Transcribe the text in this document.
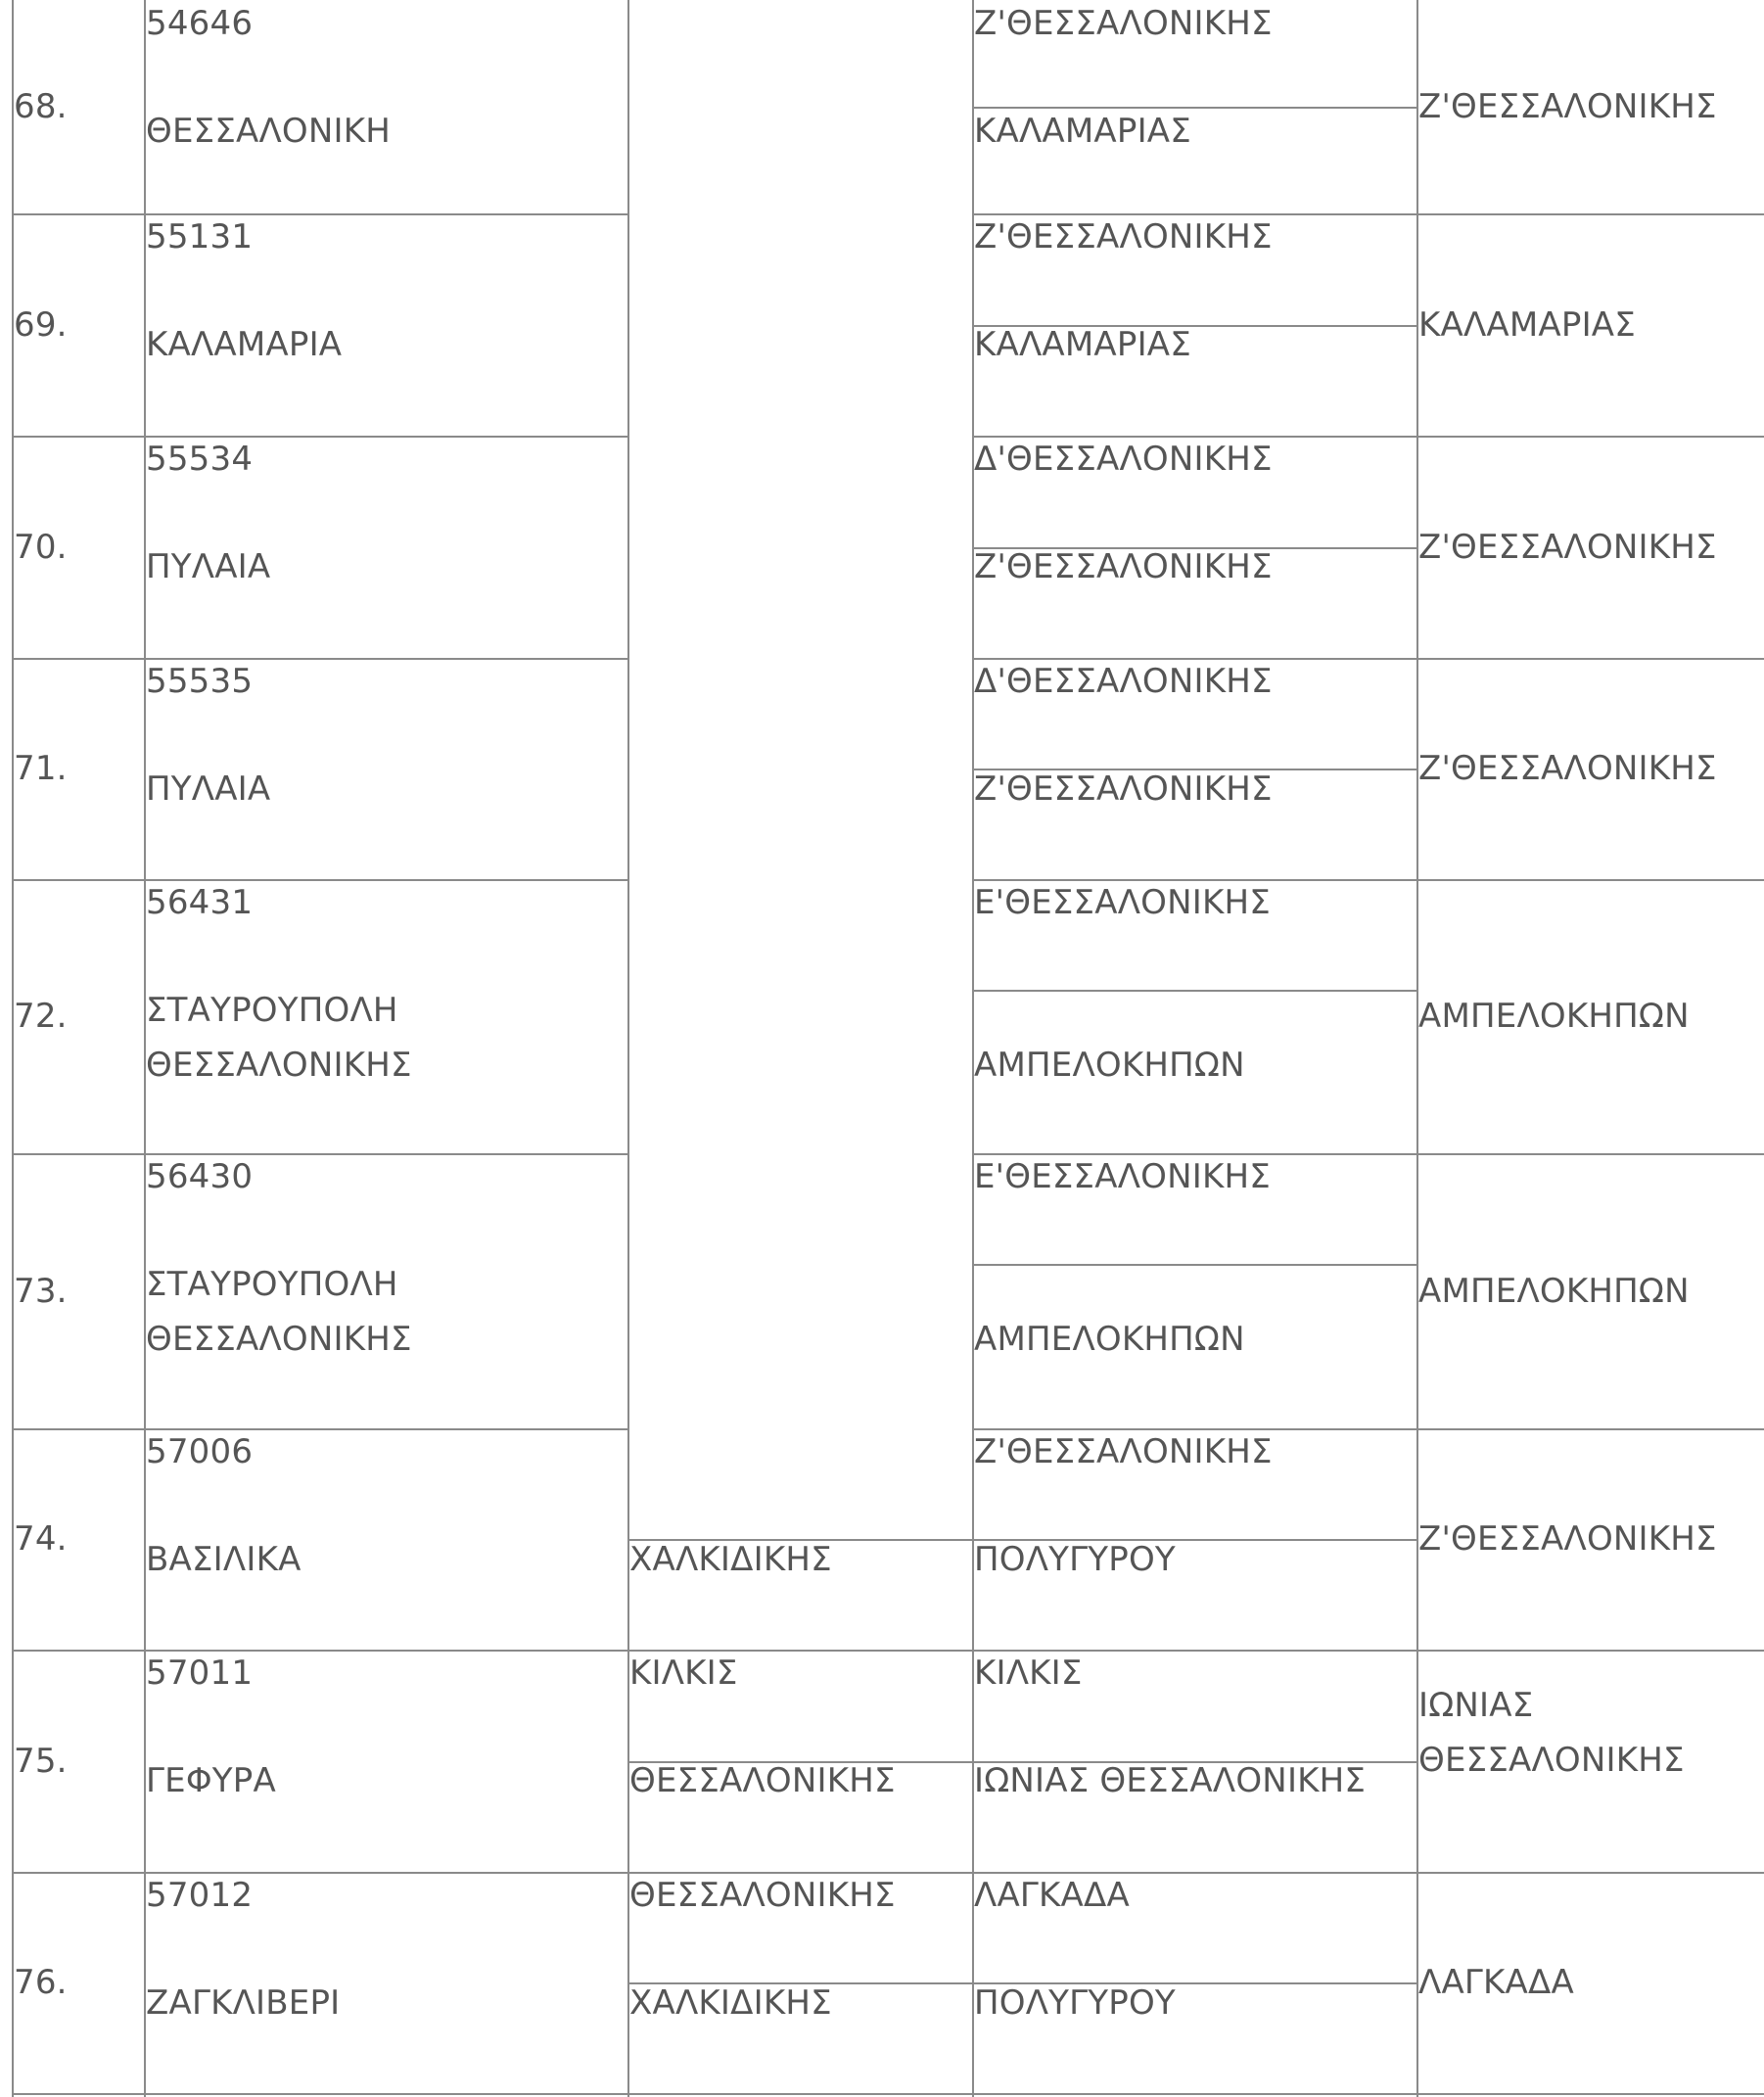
68.
54646
ΘΕΣΣΑΛΟΝΙΚΗ
Ζ'ΘΕΣΣΑΛΟΝΙΚΗΣ
ΚΑΛΑΜΑΡΙΑΣ
Ζ'ΘΕΣΣΑΛΟΝΙΚΗΣ
69.
55131
ΚΑΛΑΜΑΡΙΑ
Ζ'ΘΕΣΣΑΛΟΝΙΚΗΣ
ΚΑΛΑΜΑΡΙΑΣ
ΚΑΛΑΜΑΡΙΑΣ
70.
55534
ΠΥΛΑΙΑ
Δ'ΘΕΣΣΑΛΟΝΙΚΗΣ
Ζ'ΘΕΣΣΑΛΟΝΙΚΗΣ
Ζ'ΘΕΣΣΑΛΟΝΙΚΗΣ
71.
55535
ΠΥΛΑΙΑ
Δ'ΘΕΣΣΑΛΟΝΙΚΗΣ
Ζ'ΘΕΣΣΑΛΟΝΙΚΗΣ
Ζ'ΘΕΣΣΑΛΟΝΙΚΗΣ
72.
56431
ΣΤΑΥΡΟΥΠΟΛΗ
ΘΕΣΣΑΛΟΝΙΚΗΣ
Ε'ΘΕΣΣΑΛΟΝΙΚΗΣ
ΑΜΠΕΛΟΚΗΠΩΝ
ΑΜΠΕΛΟΚΗΠΩΝ
73.
56430
ΣΤΑΥΡΟΥΠΟΛΗ
ΘΕΣΣΑΛΟΝΙΚΗΣ
Ε'ΘΕΣΣΑΛΟΝΙΚΗΣ
ΑΜΠΕΛΟΚΗΠΩΝ
ΑΜΠΕΛΟΚΗΠΩΝ
74.
57006
ΒΑΣΙΛΙΚΑ	ΧΑΛΚΙΔΙΚΗΣ
Ζ'ΘΕΣΣΑΛΟΝΙΚΗΣ
ΠΟΛΥΓΥΡΟΥ
Ζ'ΘΕΣΣΑΛΟΝΙΚΗΣ
75.
57011
ΓΕΦΥΡΑ
ΚΙΛΚΙΣ
ΘΕΣΣΑΛΟΝΙΚΗΣ
ΚΙΛΚΙΣ
ΙΩΝΙΑΣ ΘΕΣΣΑΛΟΝΙΚΗΣ
ΙΩΝΙΑΣ
ΘΕΣΣΑΛΟΝΙΚΗΣ
76.
57012
ΖΑΓΚΛΙΒΕΡΙ
ΘΕΣΣΑΛΟΝΙΚΗΣ
ΧΑΛΚΙΔΙΚΗΣ
ΛΑΓΚΑΔΑ
ΠΟΛΥΓΥΡΟΥ
ΛΑΓΚΑΔΑ
